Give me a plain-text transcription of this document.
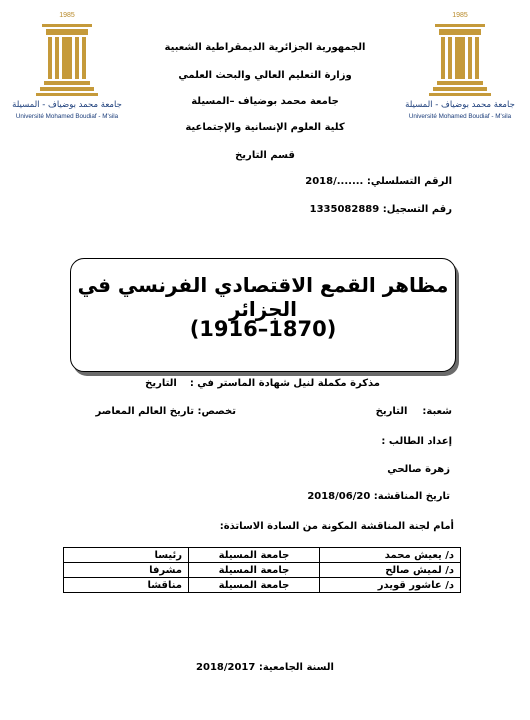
1985
جامعة محمد بوضياف - المسيلة
Université Mohamed Boudiaf - M'sila
1985
جامعة محمد بوضياف - المسيلة
Université Mohamed Boudiaf - M'sila
الجمهورية الجزائرية الديمقراطية الشعبية
وزارة التعليم العالي والبحث العلمي
جامعة محمد بوضياف –المسيلة
كلية العلوم الإنسانية والإجتماعية
قسم التاريخ
الرقم التسلسلي: 2018/.......
رقم التسجيل: 1335082889
مظاهر القمع الاقتصادي الفرنسي في الجزائر
(1870–1916)
مذكرة مكملة لنيل شهادة الماستر في :  التاريخ
شعبة:  التاريخ
تخصص: تاريخ العالم المعاصر
إعداد الطالب :
زهرة صالحي
تاريخ المناقشة: 2018/06/20
أمام لجنة المناقشة المكونة من السادة الاساتذة:
د/ يعيش محمد	جامعة المسيلة	رئيسا
د/ لميش صالح	جامعة المسيلة	مشرفا
د/ عاشور قويدر	جامعة المسيلة	مناقشا
السنة الجامعية: 2018/2017
